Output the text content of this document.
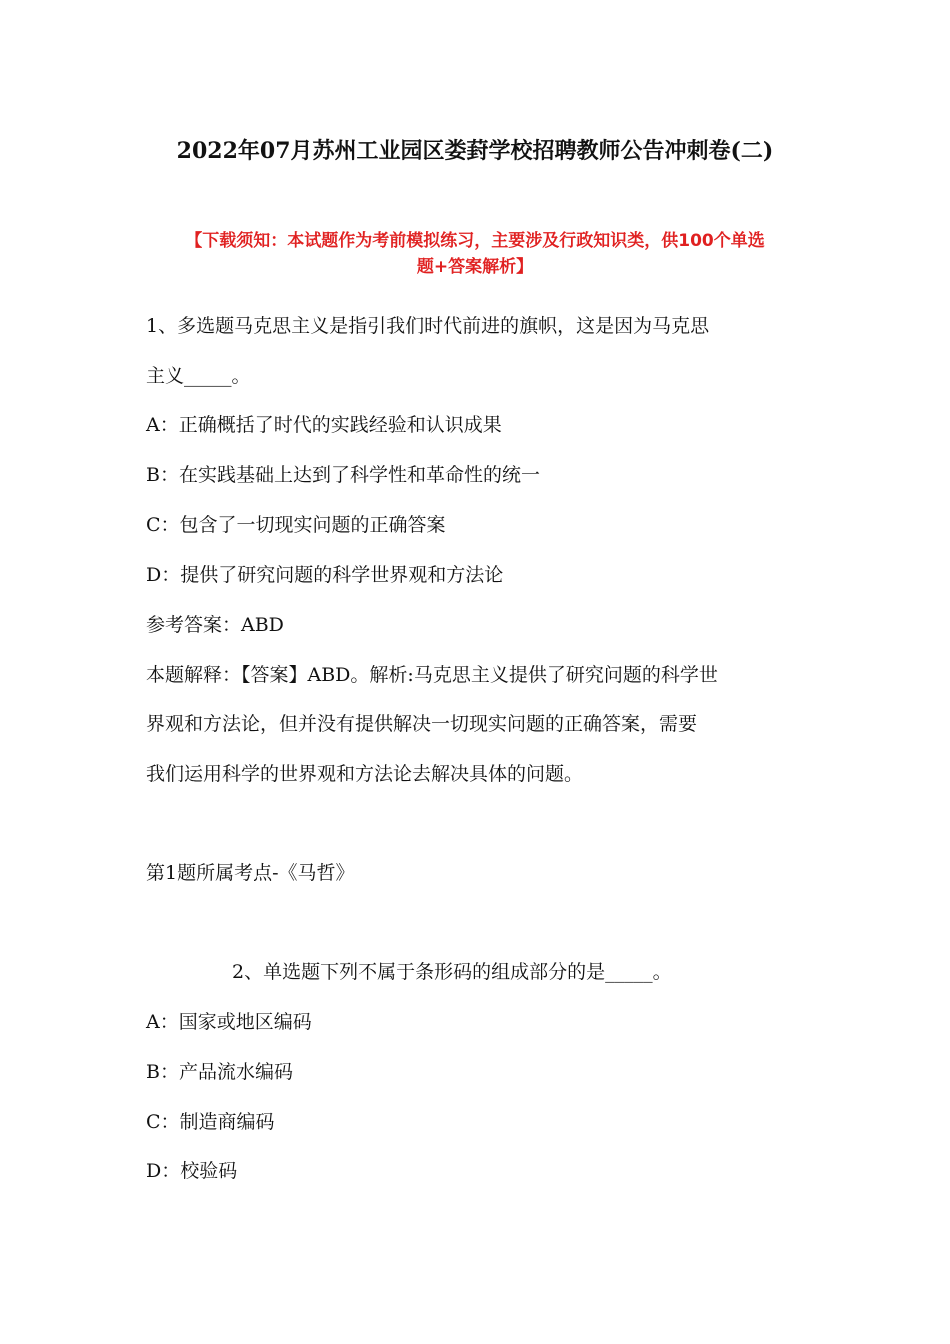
2022年07月苏州工业园区娄葑学校招聘教师公告冲刺卷(二)
【下载须知：本试题作为考前模拟练习，主要涉及行政知识类，供100个单选
题+答案解析】
1、多选题马克思主义是指引我们时代前进的旗帜，这是因为马克思
主义_____。
A：正确概括了时代的实践经验和认识成果
B：在实践基础上达到了科学性和革命性的统一
C：包含了一切现实问题的正确答案
D：提供了研究问题的科学世界观和方法论
参考答案：ABD
本题解释：【答案】ABD。解析:马克思主义提供了研究问题的科学世
界观和方法论，但并没有提供解决一切现实问题的正确答案，需要
我们运用科学的世界观和方法论去解决具体的问题。
第1题所属考点-《马哲》
2、单选题下列不属于条形码的组成部分的是_____。
A：国家或地区编码
B：产品流水编码
C：制造商编码
D：校验码
